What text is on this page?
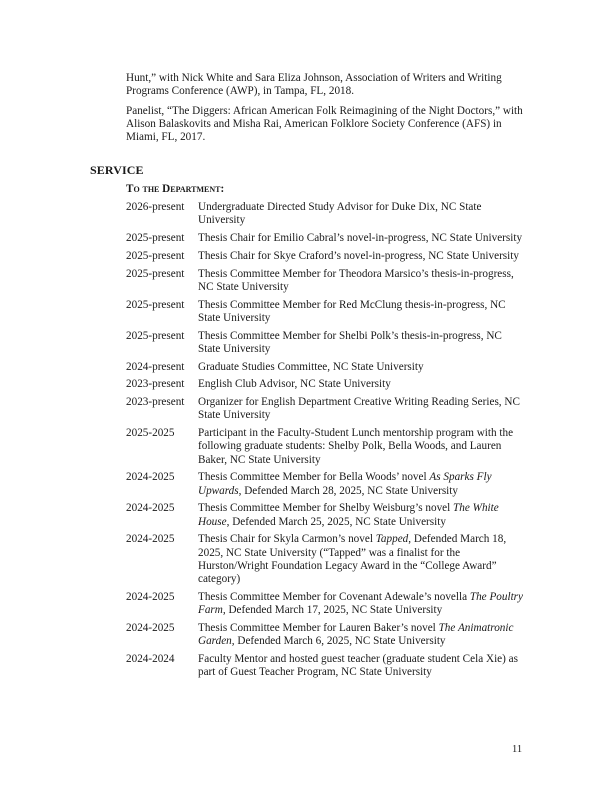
Hunt,” with Nick White and Sara Eliza Johnson, Association of Writers and Writing Programs Conference (AWP), in Tampa, FL, 2018.

Panelist, “The Diggers: African American Folk Reimagining of the Night Doctors,” with Alison Balaskovits and Misha Rai, American Folklore Society Conference (AFS) in Miami, FL, 2017.

SERVICE
To the Department:
2026-present	Undergraduate Directed Study Advisor for Duke Dix, NC State University
2025-present	Thesis Chair for Emilio Cabral’s novel-in-progress, NC State University
2025-present	Thesis Chair for Skye Craford’s novel-in-progress, NC State University
2025-present	Thesis Committee Member for Theodora Marsico’s thesis-in-progress, NC State University
2025-present	Thesis Committee Member for Red McClung thesis-in-progress, NC State University
2025-present	Thesis Committee Member for Shelbi Polk’s thesis-in-progress, NC State University
2024-present	Graduate Studies Committee, NC State University
2023-present	English Club Advisor, NC State University
2023-present	Organizer for English Department Creative Writing Reading Series, NC State University
2025-2025	Participant in the Faculty-Student Lunch mentorship program with the following graduate students: Shelby Polk, Bella Woods, and Lauren Baker, NC State University
2024-2025	Thesis Committee Member for Bella Woods’ novel As Sparks Fly Upwards, Defended March 28, 2025, NC State University
2024-2025	Thesis Committee Member for Shelby Weisburg’s novel The White House, Defended March 25, 2025, NC State University
2024-2025	Thesis Chair for Skyla Carmon’s novel Tapped, Defended March 18, 2025, NC State University (“Tapped” was a finalist for the Hurston/Wright Foundation Legacy Award in the “College Award” category)
2024-2025	Thesis Committee Member for Covenant Adewale’s novella The Poultry Farm, Defended March 17, 2025, NC State University
2024-2025	Thesis Committee Member for Lauren Baker’s novel The Animatronic Garden, Defended March 6, 2025, NC State University
2024-2024	Faculty Mentor and hosted guest teacher (graduate student Cela Xie) as part of Guest Teacher Program, NC State University
11
